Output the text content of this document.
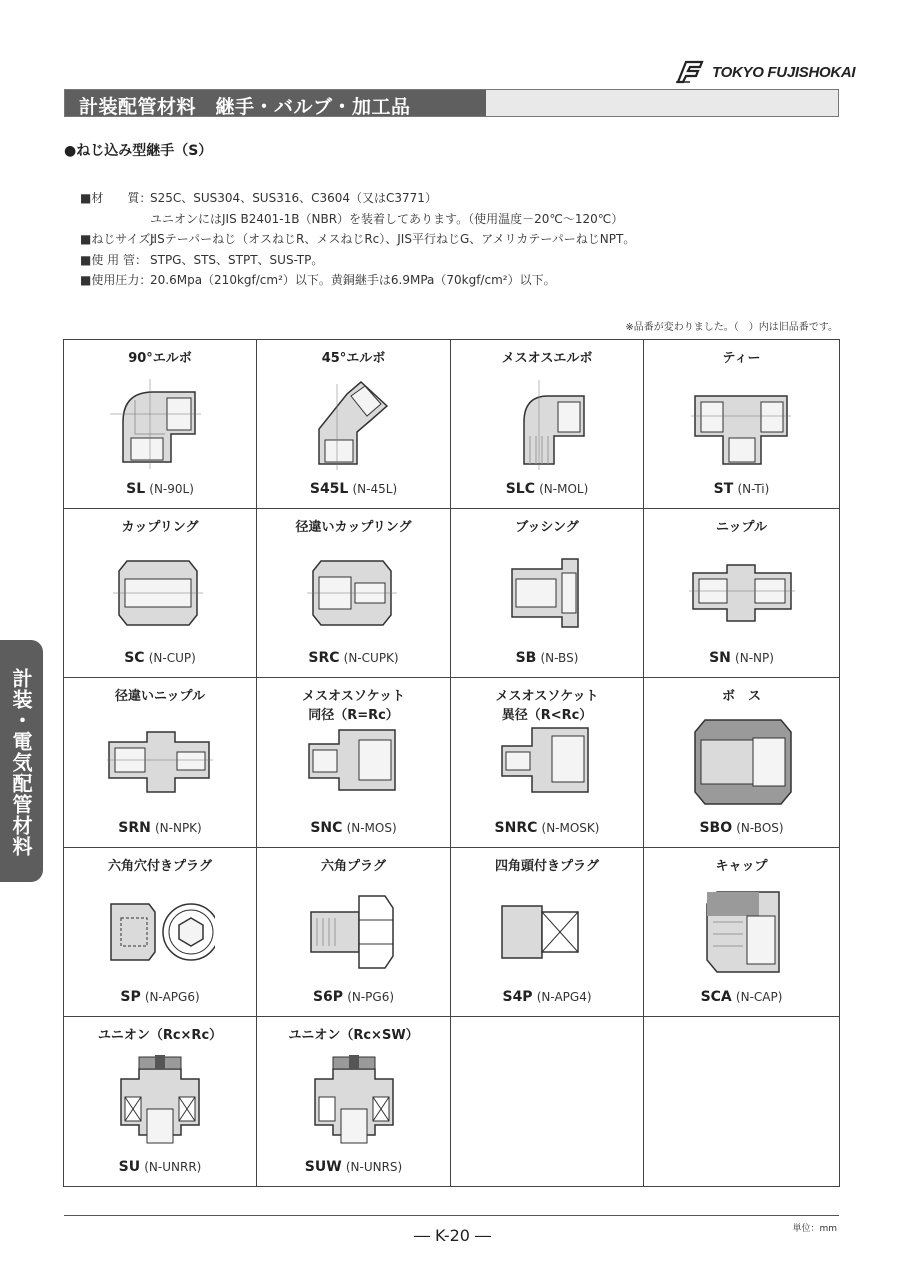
TOKYO FUJISHOKAI
計装配管材料　継手・バルブ・加工品
●ねじ込み型継手（S）
■材　　質：
S25C、SUS304、SUS316、C3604（又はC3771）
ユニオンにはJIS B2401-1B（NBR）を装着してあります。（使用温度－20℃～120℃）
■ねじサイズ：
JISテーパーねじ（オスねじR、メスねじRc）、JIS平行ねじG、アメリカテーパーねじNPT。
■使 用 管： STPG、STS、STPT、SUS-TP。
■使用圧力：
20.6Mpa（210kgf/cm²）以下。黄銅継手は6.9MPa（70kgf/cm²）以下。
※品番が変わりました。（　）内は旧品番です。
90°エルボ
SL (N-90L)
45°エルボ
S45L (N-45L)
メスオスエルボ
SLC (N-MOL)
ティー
ST (N-Ti)
カップリング
SC (N-CUP)
径違いカップリング
SRC (N-CUPK)
ブッシング
SB (N-BS)
ニップル
SN (N-NP)
径違いニップル
SRN (N-NPK)
メスオスソケット
同径（R=Rc）
SNC (N-MOS)
メスオスソケット
異径（R<Rc）
SNRC (N-MOSK)
ボ　ス
SBO (N-BOS)
六角穴付きプラグ
SP (N-APG6)
六角プラグ
S6P (N-PG6)
四角頭付きプラグ
S4P (N-APG4)
キャップ
SCA (N-CAP)
ユニオン（Rc×Rc）
SU (N-UNRR)
ユニオン（Rc×SW）
SUW (N-UNRS)
計装・電気配管材料
単位：mm
― K-20 ―
